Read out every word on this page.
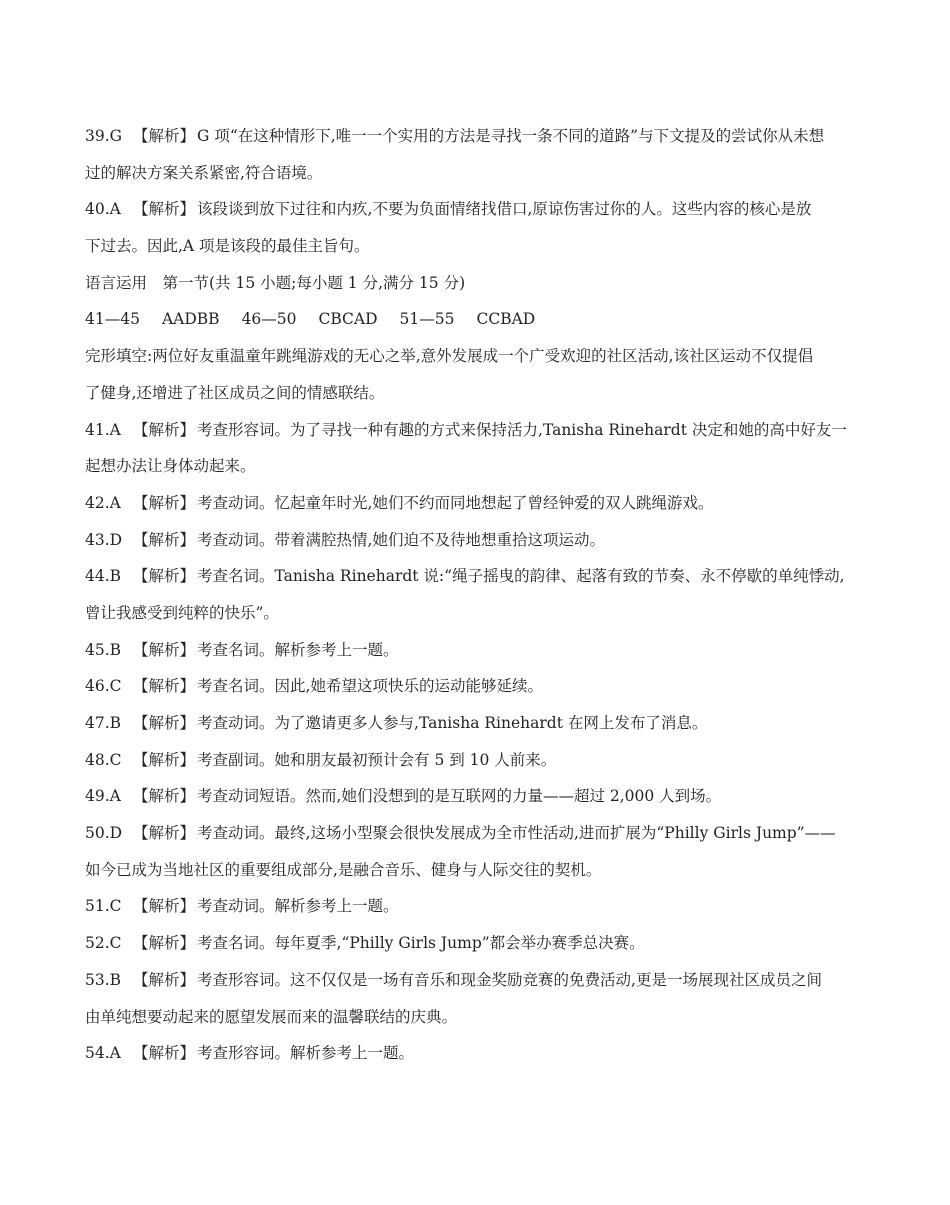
39.G 【解析】 G 项“在这种情形下,唯一一个实用的方法是寻找一条不同的道路”与下文提及的尝试你从未想
过的解决方案关系紧密,符合语境。
40.A 【解析】 该段谈到放下过往和内疚,不要为负面情绪找借口,原谅伤害过你的人。这些内容的核心是放
下过去。因此,A 项是该段的最佳主旨句。
语言运用　第一节(共 15 小题;每小题 1 分,满分 15 分)
41—45 AADBB 46—50 CBCAD 51—55 CCBAD
完形填空:两位好友重温童年跳绳游戏的无心之举,意外发展成一个广受欢迎的社区活动,该社区运动不仅提倡
了健身,还增进了社区成员之间的情感联结。
41.A 【解析】 考查形容词。为了寻找一种有趣的方式来保持活力,Tanisha Rinehardt 决定和她的高中好友一
起想办法让身体动起来。
42.A 【解析】 考查动词。忆起童年时光,她们不约而同地想起了曾经钟爱的双人跳绳游戏。
43.D 【解析】 考查动词。带着满腔热情,她们迫不及待地想重拾这项运动。
44.B 【解析】 考查名词。Tanisha Rinehardt 说:“绳子摇曳的韵律、起落有致的节奏、永不停歇的单纯悸动,
曾让我感受到纯粹的快乐”。
45.B 【解析】 考查名词。解析参考上一题。
46.C 【解析】 考查名词。因此,她希望这项快乐的运动能够延续。
47.B 【解析】 考查动词。为了邀请更多人参与,Tanisha Rinehardt 在网上发布了消息。
48.C 【解析】 考查副词。她和朋友最初预计会有 5 到 10 人前来。
49.A 【解析】 考查动词短语。然而,她们没想到的是互联网的力量——超过 2,000 人到场。
50.D 【解析】 考查动词。最终,这场小型聚会很快发展成为全市性活动,进而扩展为“Philly Girls Jump”——
如今已成为当地社区的重要组成部分,是融合音乐、健身与人际交往的契机。
51.C 【解析】 考查动词。解析参考上一题。
52.C 【解析】 考查名词。每年夏季,“Philly Girls Jump”都会举办赛季总决赛。
53.B 【解析】 考查形容词。这不仅仅是一场有音乐和现金奖励竞赛的免费活动,更是一场展现社区成员之间
由单纯想要动起来的愿望发展而来的温馨联结的庆典。
54.A 【解析】 考查形容词。解析参考上一题。
